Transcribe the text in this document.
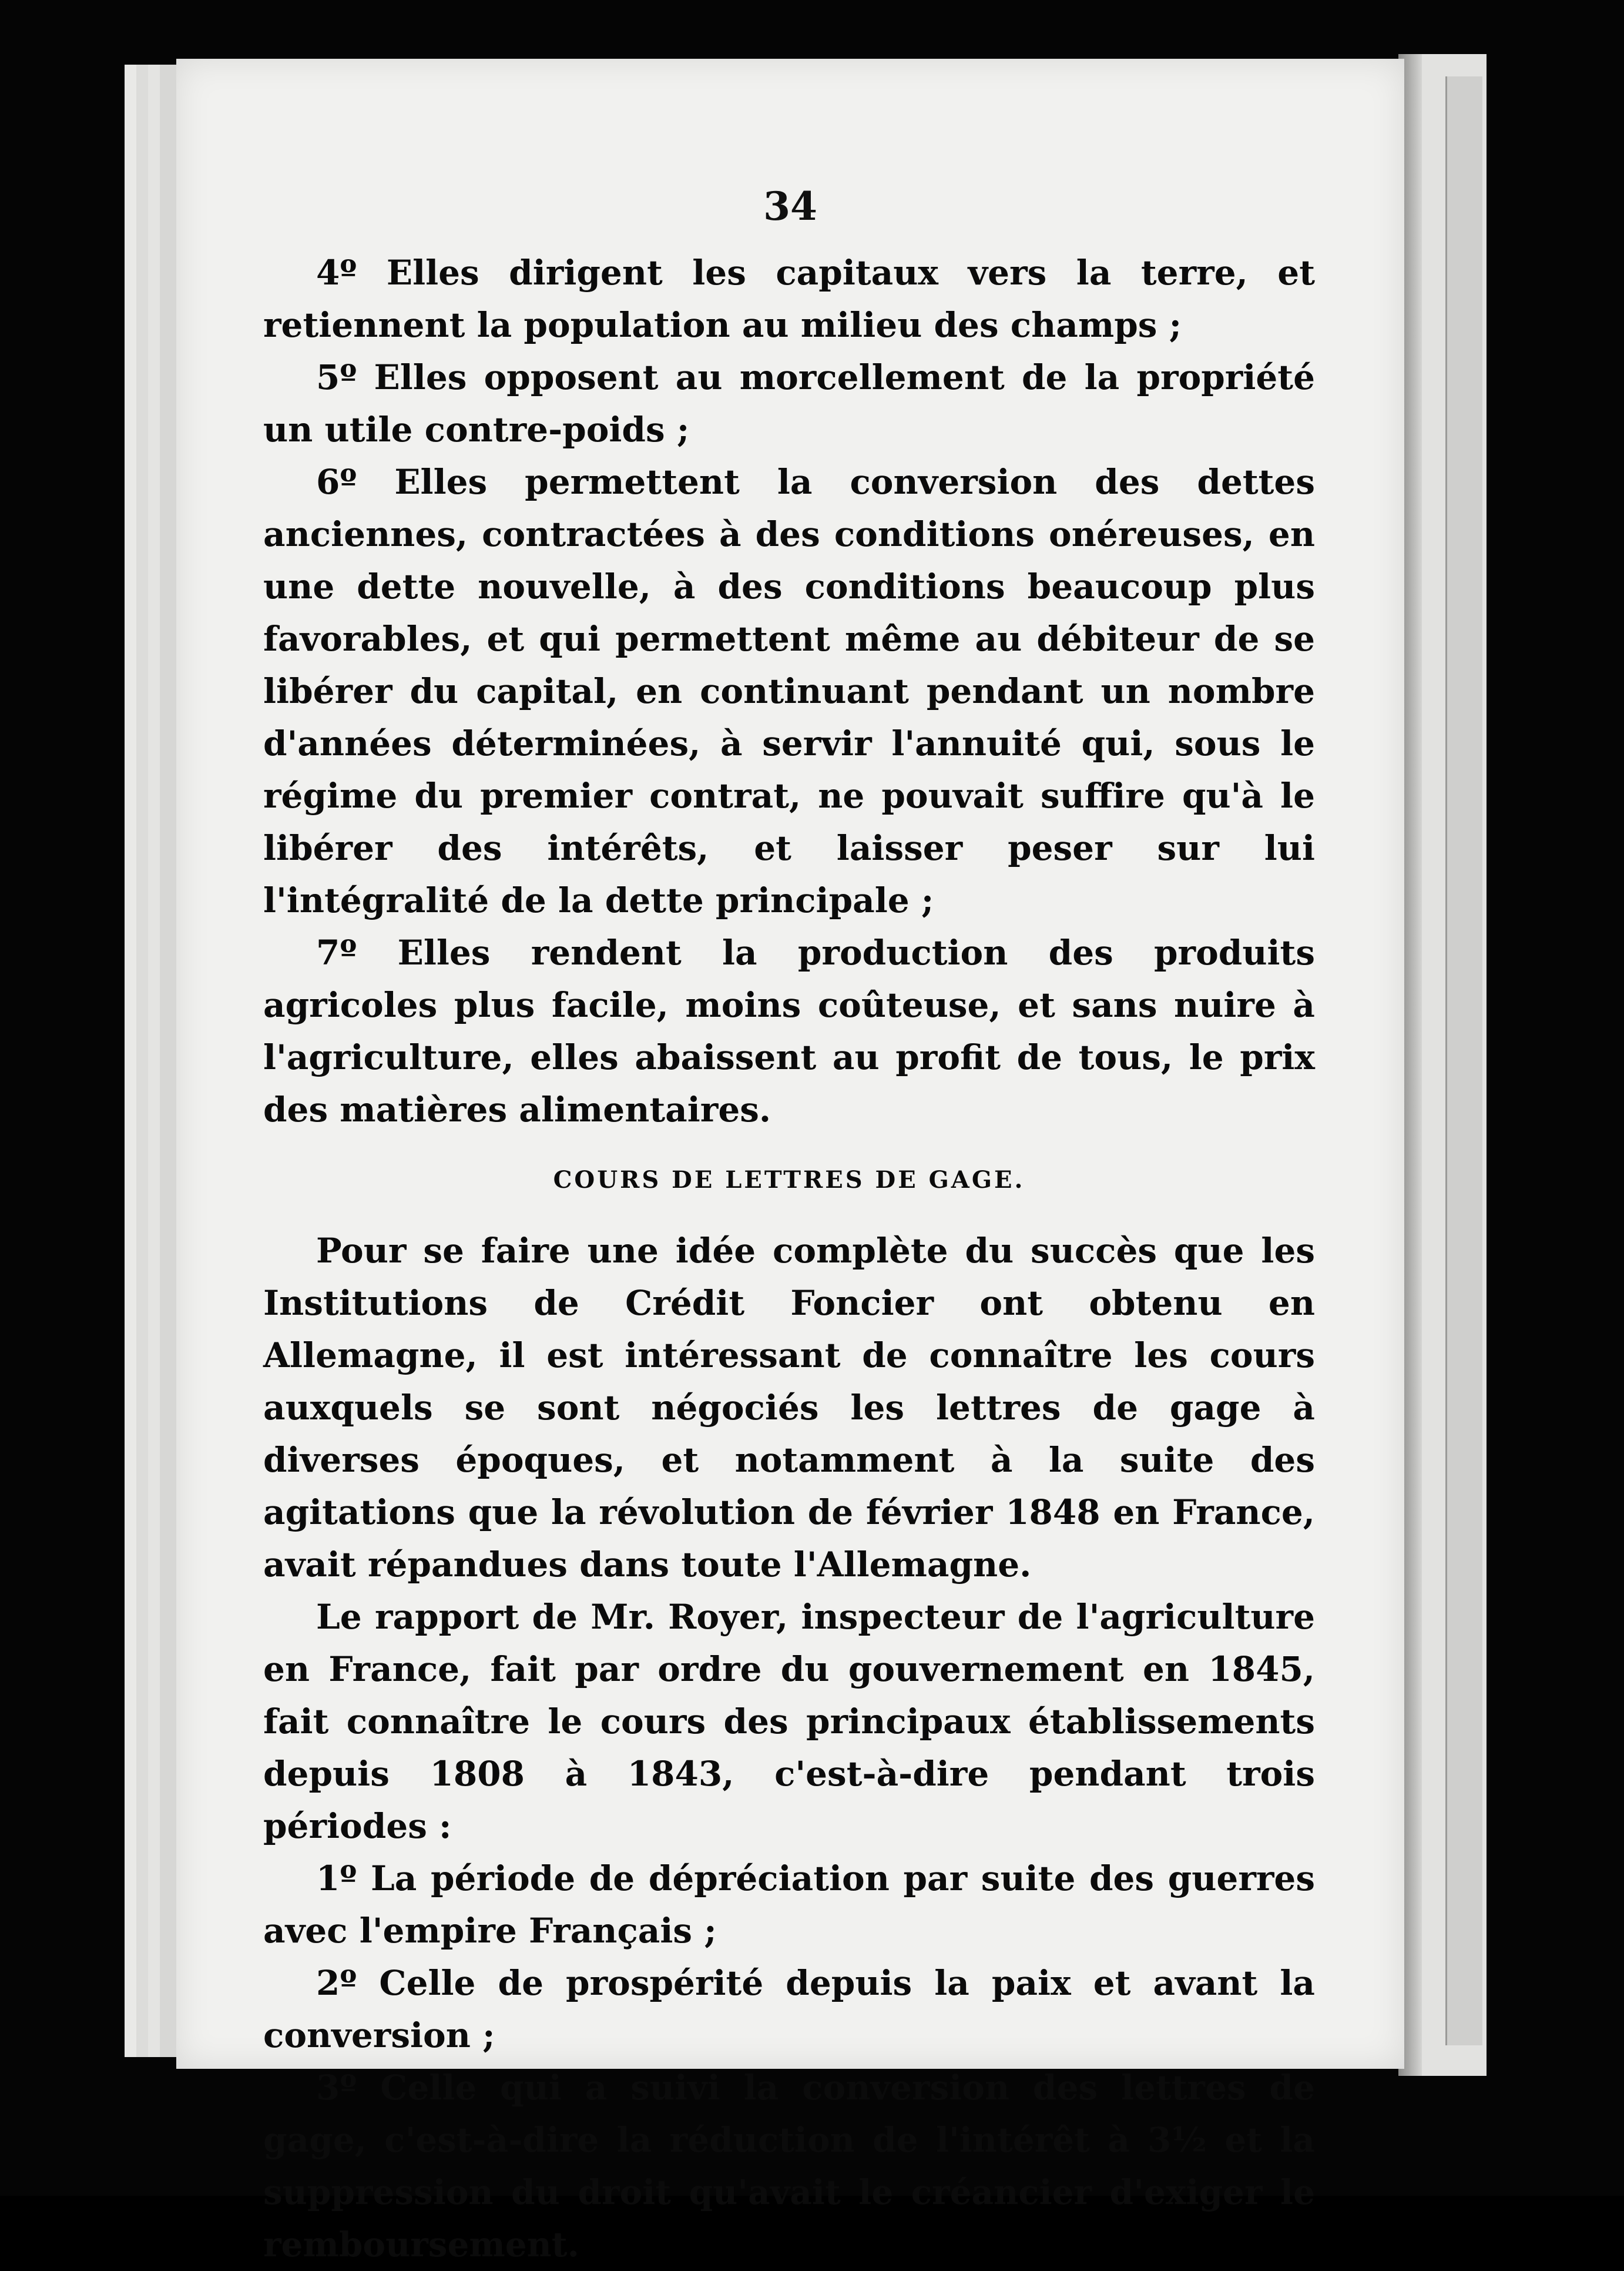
34

4º Elles dirigent les capitaux vers la terre, et retiennent la population au milieu des champs ;

5º Elles opposent au morcellement de la propriété un utile contre-poids ;

6º Elles permettent la conversion des dettes anciennes, contractées à des conditions onéreuses, en une dette nouvelle, à des conditions beaucoup plus favorables, et qui permettent même au débiteur de se libérer du capital, en continuant pendant un nombre d'années déterminées, à servir l'annuité qui, sous le régime du premier contrat, ne pouvait suffire qu'à le libérer des intérêts, et laisser peser sur lui l'intégralité de la dette principale ;

7º Elles rendent la production des produits agricoles plus facile, moins coûteuse, et sans nuire à l'agriculture, elles abaissent au profit de tous, le prix des matières alimentaires.

COURS DE LETTRES DE GAGE.

Pour se faire une idée complète du succès que les Institutions de Crédit Foncier ont obtenu en Allemagne, il est intéressant de connaître les cours auxquels se sont négociés les lettres de gage à diverses époques, et notamment à la suite des agitations que la révolution de février 1848 en France, avait répandues dans toute l'Allemagne.

Le rapport de Mr. Royer, inspecteur de l'agriculture en France, fait par ordre du gouvernement en 1845, fait connaître le cours des principaux établissements depuis 1808 à 1843, c'est-à-dire pendant trois périodes :

1º La période de dépréciation par suite des guerres avec l'empire Français ;

2º Celle de prospérité depuis la paix et avant la conversion ;

3º Celle qui a suivi la conversion des lettres de gage, c'est-à-dire la réduction de l'intérêt à 3½ et la suppression du droit qu'avait le créancier d'exiger le remboursement.
